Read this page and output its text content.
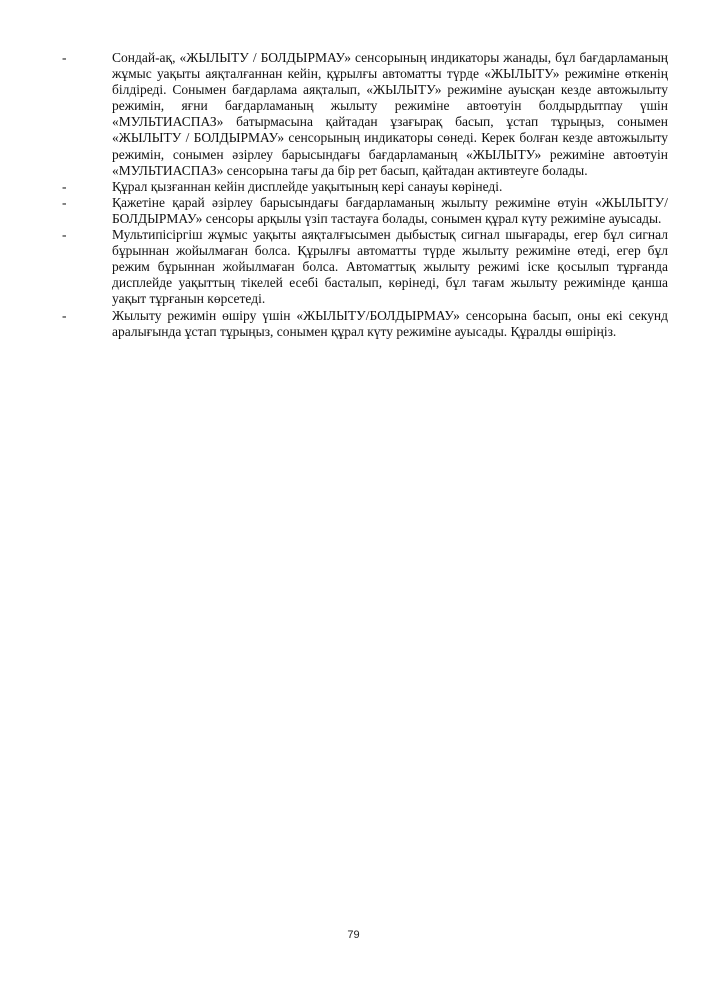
-	Сондай-ақ, «ЖЫЛЫТУ / БОЛДЫРМАУ» сенсорының индикаторы жанады, бұл бағдарламаның жұмыс уақыты аяқталғаннан кейін, құрылғы автоматты түрде «ЖЫЛЫТУ» режиміне өткенің білдіреді. Сонымен бағдарлама аяқталып, «ЖЫЛЫТУ» режиміне ауысқан кезде автожылыту режимін, яғни бағдарламаның жылыту режиміне автоөтуін болдырдытпау үшін «МУЛЬТИАСПАЗ» батырмасына қайтадан ұзағырақ басып, ұстап тұрыңыз, сонымен «ЖЫЛЫТУ / БОЛДЫРМАУ» сенсорының индикаторы сөнеді. Керек болған кезде автожылыту режимін, сонымен әзірлеу барысындағы бағдарламаның «ЖЫЛЫТУ» режиміне автоөтуін «МУЛЬТИАСПАЗ» сенсорына тағы да бір рет басып, қайтадан активтеуге болады.
-	Құрал қызғаннан кейін дисплейде уақытының кері санауы көрінеді.
-	Қажетіне қарай әзірлеу барысындағы бағдарламаның жылыту режиміне өтуін «ЖЫЛЫТУ/БОЛДЫРМАУ» сенсоры арқылы үзіп тастауға болады, сонымен құрал күту режиміне ауысады.
-	Мультипісіргіш жұмыс уақыты аяқталғысымен дыбыстық сигнал шығарады, егер бұл сигнал бұрыннан жойылмаған болса. Құрылғы автоматты түрде жылыту режиміне өтеді, егер бұл режим бұрыннан жойылмаған болса. Автоматтық жылыту режимі іске қосылып тұрғанда дисплейде уақыттың тікелей есебі басталып, көрінеді, бұл тағам жылыту режимінде қанша уақыт тұрғанын көрсетеді.
-	Жылыту режимін өшіру үшін «ЖЫЛЫТУ/БОЛДЫРМАУ» сенсорына басып, оны екі секунд аралығында ұстап тұрыңыз, сонымен құрал күту режиміне ауысады. Құралды өшіріңіз.
79
